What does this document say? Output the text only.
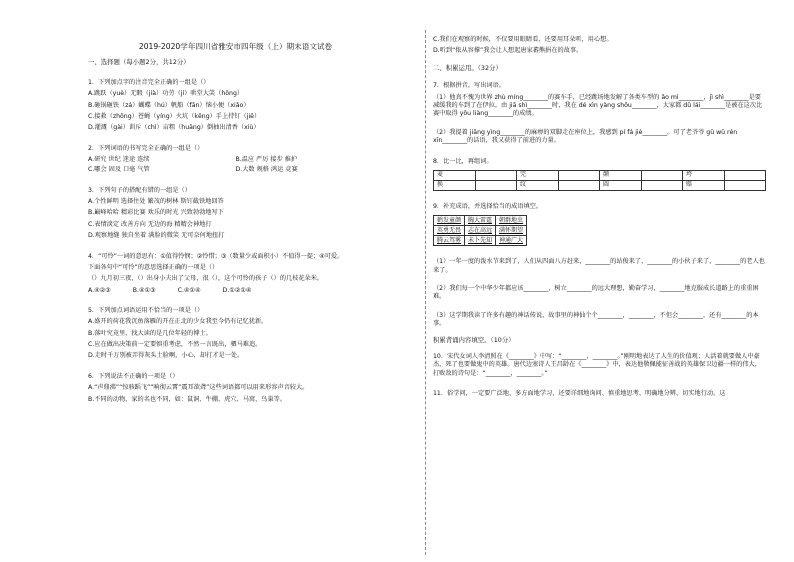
2019-2020学年四川省雅安市四年级（上）期末语文试卷
一、选择题（每小题2分，共12分）

1．下列加点字的注音完全正确的一组是（）

A.跳跃（yuè）无暇（jià）功劳（jí）哄堂大笑（hōng）

B.砸锅砸铁（zá）蝴蝶（hú）帆船（fān）恼小便（xiǎo）

C.接救（zhōng）苍蝇（yíng）火坑（kēng）手上持钉（jiē）

D.灌溉（gài）训斥（chì）亩粗（huāng）倒抽出清香（xiù）

2．下列词语的书写完全正确的一组是（）

A.研究 世纪 迷途 连续	B.温应 严厉 接步 推护
C.哪会 固及 口毫 气管	D.大数 规格 鸿运 竞赛

3．下列句子的搭配有错的一组是（）

A.个性鲜明 选择住处 繁茂的树林 斯钉截铁地回答

B.巅峰哈哈 精彩比赛 欢乐的时光 兴致勃勃地写下

C.表情淡定 改善方向 无边的海 精精会神地打

D.观察地缝 独自坐着 满脸的微笑 无可奈何地扭打

4．“可怜”一词的意思有：①值得怜悯；②怜惜；③（数量少或面积小）不值得一提；④可爱。

下面各句中“可怜”的意思选择正确的一项是（）

（）九月初三夜，（）出身小夫出了父母，很（），这个可怜的孩子（）的几枝花朵米。

A.④②③	B.④①③	C.④①④	D.①②①④

5．下列加点词语运用不恰当的一项是（）

A.盛开的荷花我沉鱼落雁的开在正北的少女我至今仍有记忆犹新。

B.落叶究竟里，找大读的是几位年轻的博士。

C.应在做出决策前一定要慎重考虑，不然一言既出，驷马难追。

D.走时千万别被弄得灰头土脸啊，小心，却打才是一处。

6．下列说法不正确的一项是（）

A.“声鼎沸”“惊骇蹈飞”“响彻云霄”震耳欲聋”这些词语都可以用来形容声音较大。

B.不同的动物，家的名也不同，如：鼠洞、牛棚、虎穴、马窝、鸟巢等。

C.我们在观察的时候，不仅要用眼睛看，还要用耳朵听，用心想。

D.听到“侬从容撑”我会让人想起唐家蕃熊捐在的故事。

二、积累运用。（32分）

7．根据拼音，写出词语。

（1）他真不愧为世界 zhù míng________的赛车手，已经跳场地发解了各类车型的 ǎo mì________，jì shì________是要减缓我的车到了在伊拉。由 jiā shì________时，我在 dé xìn yàng shōu________，大家都 dǔ lái________是被在这次比赛中取得 yōu liàng________的成绩。

（2）我提着 jiāng yìng________的麻痹的双脚走在座位上，我感到 pí fá jiè________。可了老爷爷 gǔ wǔ rén xīn________的话语，我又获得了前进的力量。

8．比一比，再组词。

麦		完		颠		垮	
换		纹		圆		赔	

9．补充成语，并选择恰当的成语填空。

鹤发童颜	胸大雷霆	朝群地虫
英勇无畏	志在高远	满怀期望
腾云驾雾	未卜先知	神通广大

（1）一年一度的泼水节来到了，人们从四面八方赶来，________的站俊来了，________的小伙子来了，________的老人也来了。

（2）我们每一个中华少年都应该________，树立________的远大理想，勤奋学习，________地克服成长道路上的重重困难。

（3）这学期我读了许多有趣的神话传说，故事里的神仙个个________，________，不但会________，还有________的本事。

积累背诵内容填空。（10分）

10．宋代女词人李清照在《________》中写：“________，________。”刚明地表达了人生的价值观；人活着就要做人中豪杰，死了也要做鬼中的英雄。唐代边塞诗人王昌龄在《________》中，表达他敬佩能征善战的英雄保卫边疆一样的伟大，打败敌的诗句是：“________，________。”

11．俗学问，一定要广泛地、多方面地学习，还要详细地询问、慎重地思考、明确地分辨、切实地行动。这
